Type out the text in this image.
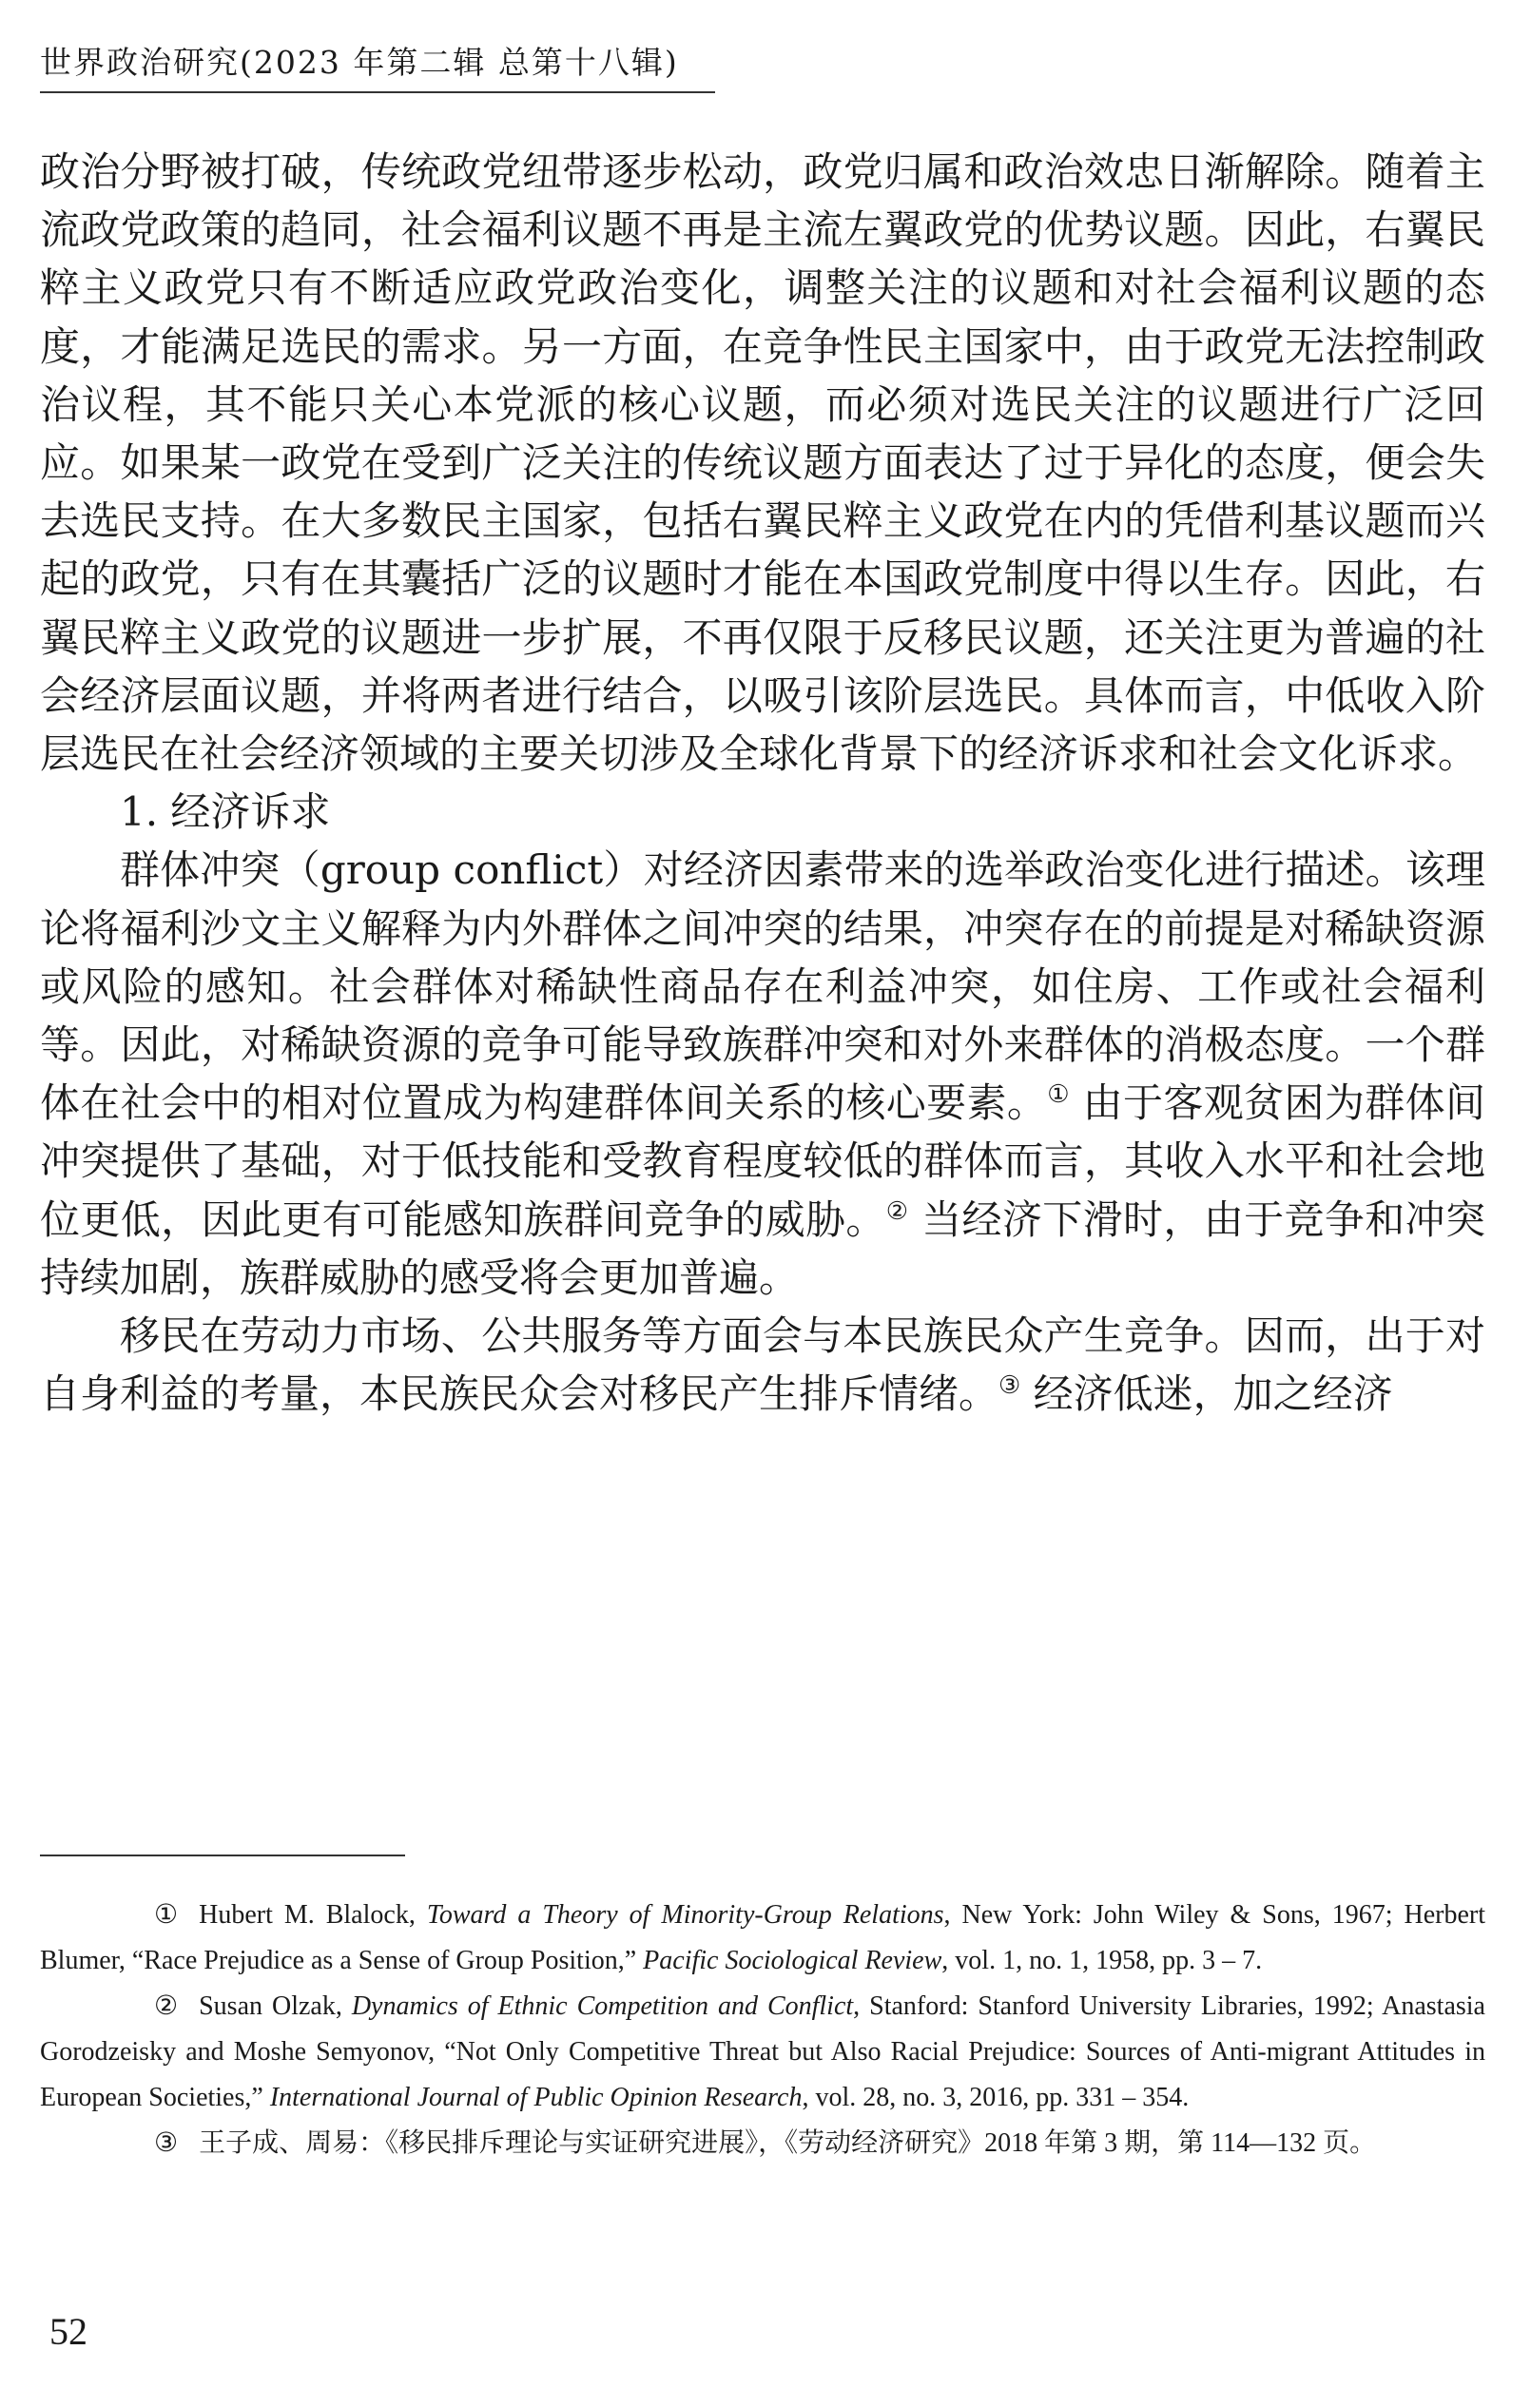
世界政治研究(2023 年第二辑 总第十八辑)

政治分野被打破，传统政党纽带逐步松动，政党归属和政治效忠日渐解除。随着主流政党政策的趋同，社会福利议题不再是主流左翼政党的优势议题。因此，右翼民粹主义政党只有不断适应政党政治变化，调整关注的议题和对社会福利议题的态度，才能满足选民的需求。另一方面，在竞争性民主国家中，由于政党无法控制政治议程，其不能只关心本党派的核心议题，而必须对选民关注的议题进行广泛回应。如果某一政党在受到广泛关注的传统议题方面表达了过于异化的态度，便会失去选民支持。在大多数民主国家，包括右翼民粹主义政党在内的凭借利基议题而兴起的政党，只有在其囊括广泛的议题时才能在本国政党制度中得以生存。因此，右翼民粹主义政党的议题进一步扩展，不再仅限于反移民议题，还关注更为普遍的社会经济层面议题，并将两者进行结合，以吸引该阶层选民。具体而言，中低收入阶层选民在社会经济领域的主要关切涉及全球化背景下的经济诉求和社会文化诉求。

1. 经济诉求

群体冲突（group conflict）对经济因素带来的选举政治变化进行描述。该理论将福利沙文主义解释为内外群体之间冲突的结果，冲突存在的前提是对稀缺资源或风险的感知。社会群体对稀缺性商品存在利益冲突，如住房、工作或社会福利等。因此，对稀缺资源的竞争可能导致族群冲突和对外来群体的消极态度。一个群体在社会中的相对位置成为构建群体间关系的核心要素。① 由于客观贫困为群体间冲突提供了基础，对于低技能和受教育程度较低的群体而言，其收入水平和社会地位更低，因此更有可能感知族群间竞争的威胁。② 当经济下滑时，由于竞争和冲突持续加剧，族群威胁的感受将会更加普遍。

移民在劳动力市场、公共服务等方面会与本民族民众产生竞争。因而，出于对自身利益的考量，本民族民众会对移民产生排斥情绪。③ 经济低迷，加之经济

① Hubert M. Blalock, Toward a Theory of Minority-Group Relations, New York: John Wiley & Sons, 1967; Herbert Blumer, “Race Prejudice as a Sense of Group Position,” Pacific Sociological Review, vol. 1, no. 1, 1958, pp. 3 – 7.

② Susan Olzak, Dynamics of Ethnic Competition and Conflict, Stanford: Stanford University Libraries, 1992; Anastasia Gorodzeisky and Moshe Semyonov, “Not Only Competitive Threat but Also Racial Prejudice: Sources of Anti-migrant Attitudes in European Societies,” International Journal of Public Opinion Research, vol. 28, no. 3, 2016, pp. 331 – 354.

③ 王子成、周易：《移民排斥理论与实证研究进展》，《劳动经济研究》2018 年第 3 期，第 114—132 页。

52
